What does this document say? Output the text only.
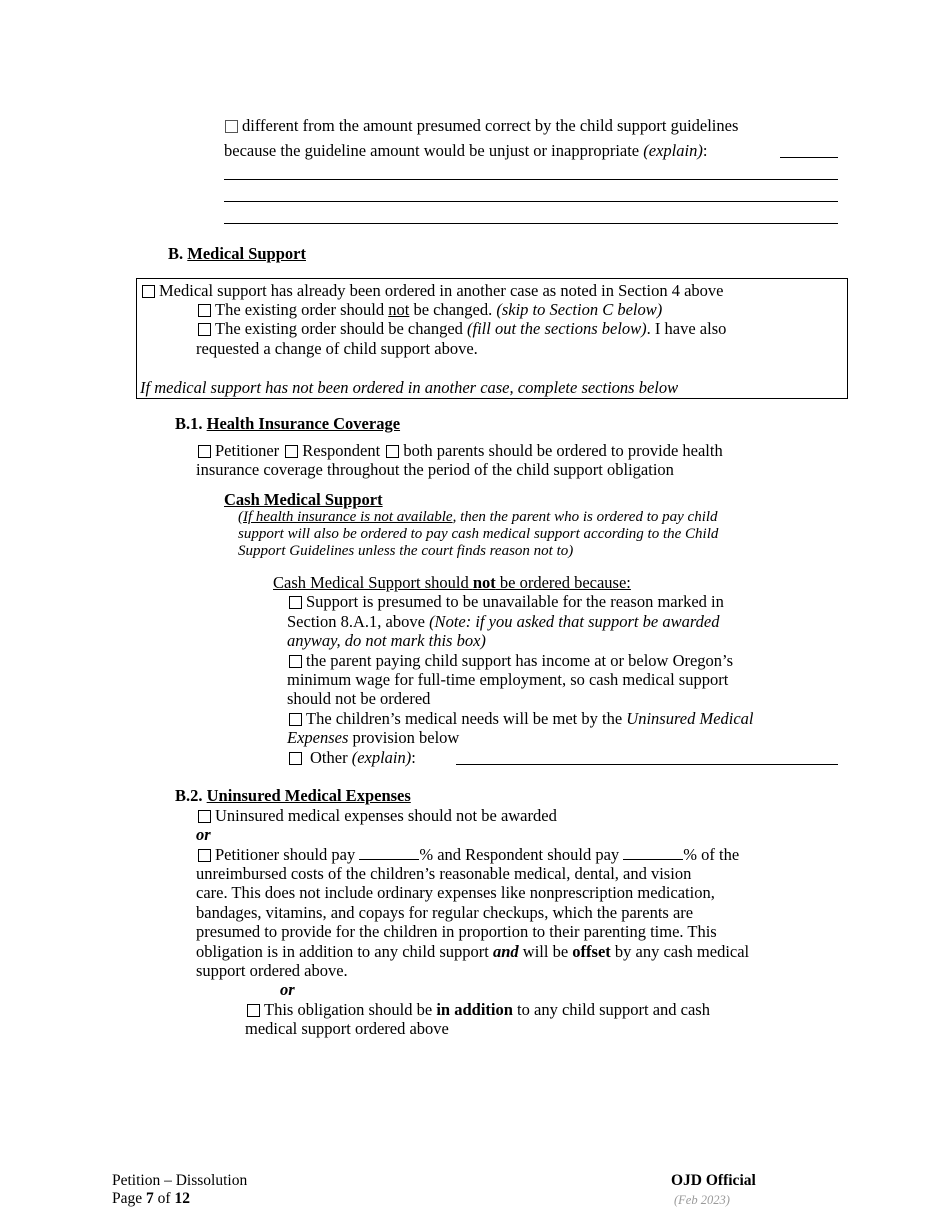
different from the amount presumed correct by the child support guidelines
because the guideline amount would be unjust or inappropriate (explain):
B. Medical Support
Medical support has already been ordered in another case as noted in Section 4 above
The existing order should not be changed. (skip to Section C below)
The existing order should be changed (fill out the sections below). I have also
requested a change of child support above.
If medical support has not been ordered in another case, complete sections below
B.1. Health Insurance Coverage
Petitioner Respondent both parents should be ordered to provide health
insurance coverage throughout the period of the child support obligation
Cash Medical Support
(If health insurance is not available, then the parent who is ordered to pay child
support will also be ordered to pay cash medical support according to the Child
Support Guidelines unless the court finds reason not to)
Cash Medical Support should not be ordered because:
Support is presumed to be unavailable for the reason marked in
Section 8.A.1, above (Note: if you asked that support be awarded
anyway, do not mark this box)
the parent paying child support has income at or below Oregon’s
minimum wage for full-time employment, so cash medical support
should not be ordered
The children’s medical needs will be met by the Uninsured Medical
Expenses provision below
Other (explain):
B.2. Uninsured Medical Expenses
Uninsured medical expenses should not be awarded
or
Petitioner should pay	% and Respondent should pay	% of the
unreimbursed costs of the children’s reasonable medical, dental, and vision
care. This does not include ordinary expenses like nonprescription medication,
bandages, vitamins, and copays for regular checkups, which the parents are
presumed to provide for the children in proportion to their parenting time. This
obligation is in addition to any child support and will be offset by any cash medical
support ordered above.
or
This obligation should be in addition to any child support and cash
medical support ordered above
Petition – Dissolution
Page 7 of 12
OJD Official
(Feb 2023)
